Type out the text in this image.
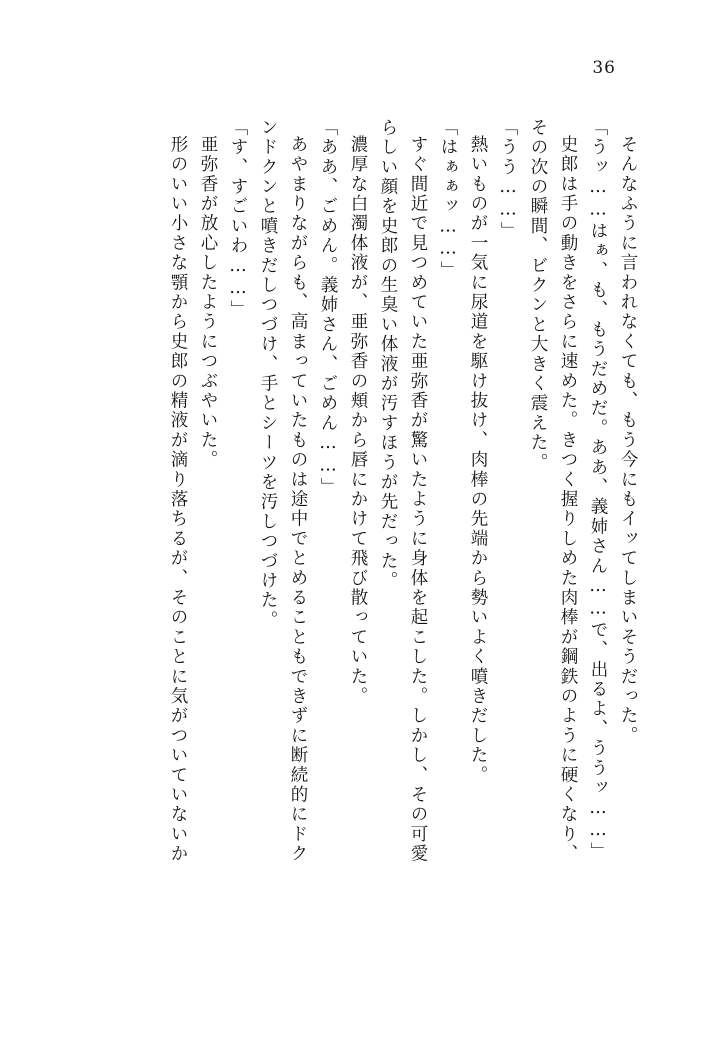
36
そんなふうに言われなくても、もう今にもイッてしまいそうだった。
「うッ……はぁ、も、もうだめだ。ああ、義姉さん……で、出るよ、ううッ……」
史郎は手の動きをさらに速めた。きつく握りしめた肉棒が鋼鉄のように硬くなり、
その次の瞬間、ビクンと大きく震えた。
「うう……」
熱いものが一気に尿道を駆け抜け、肉棒の先端から勢いよく噴きだした。
「はぁぁッ……」
すぐ間近で見つめていた亜弥香が驚いたように身体を起こした。しかし、その可愛
らしい顔を史郎の生臭い体液が汚すほうが先だった。
濃厚な白濁体液が、亜弥香の頬から唇にかけて飛び散っていた。
「ああ、ごめん。義姉さん、ごめん……」
あやまりながらも、高まっていたものは途中でとめることもできずに断続的にドク
ンドクンと噴きだしつづけ、手とシーツを汚しつづけた。
「す、すごいわ……」
亜弥香が放心したようにつぶやいた。
形のいい小さな顎から史郎の精液が滴り落ちるが、そのことに気がついていないか
